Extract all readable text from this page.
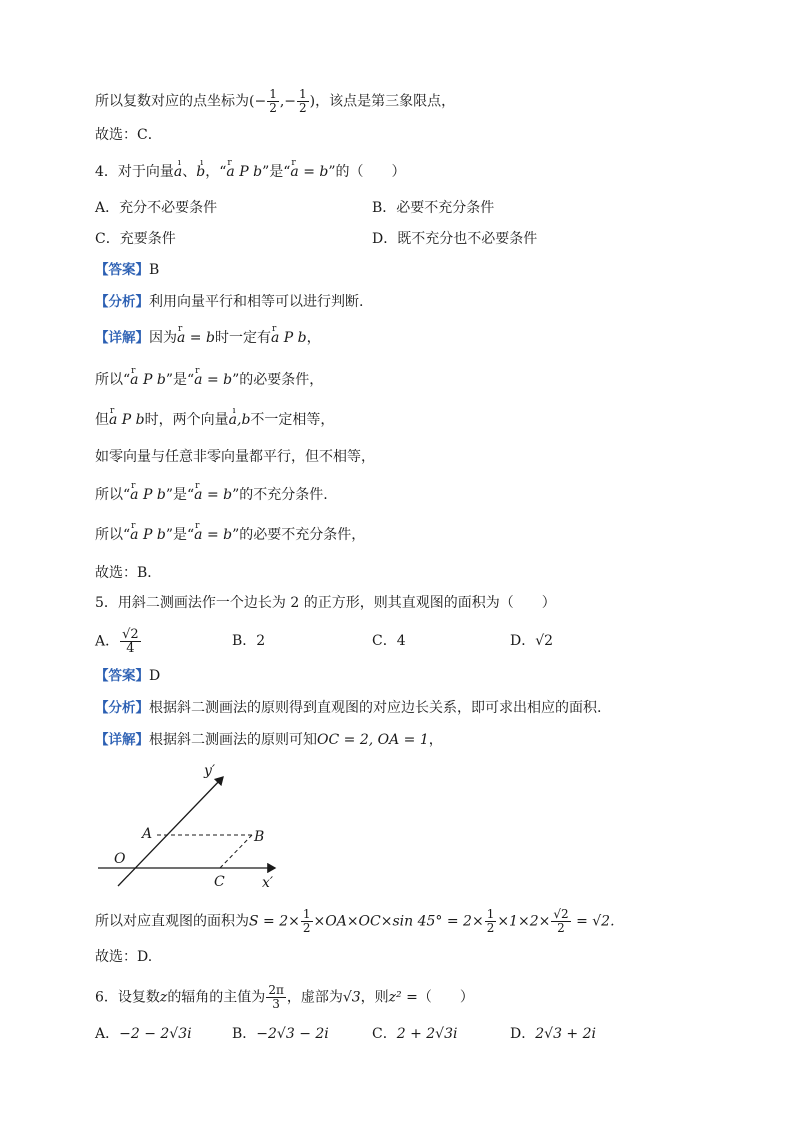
所以复数对应的点坐标为(− $\frac{1}{2}$ ,− $\frac{1}{2}$ )，该点是第三象限点，
故选：C．
4．对于向量ı a、ı b，“r a P b”是“r a = b”的（　　）
A．充分不必要条件	B．必要不充分条件
C．充要条件	D．既不充分也不必要条件
【答案】B
【分析】利用向量平行和相等可以进行判断.
【详解】因为r a = b时一定有r a P b，
所以“r a P b”是“r a = b”的必要条件，
但r a P b时，两个向量ı a,b不一定相等，
如零向量与任意非零向量都平行，但不相等，
所以“r a P b”是“r a = b”的不充分条件.
所以“r a P b”是“r a = b”的必要不充分条件，
故选：B．
5．用斜二测画法作一个边长为 2 的正方形，则其直观图的面积为（　　）
A． $\frac{√2}{4}$	B．2	C．4	D．√2
【答案】D
【分析】根据斜二测画法的原则得到直观图的对应边长关系，即可求出相应的面积.
【详解】根据斜二测画法的原则可知OC = 2, OA = 1，
y′
x′
O
A	B
C
所以对应直观图的面积为$S = 2\times \frac{1}{2} \times OA\times OC\times\sin$ $45^\circ = 2\times \frac{1}{2} \times 1\times 2\times \frac{√2}{2} = √2$.
故选：D.
6．设复数z的辐角的主值为 $\frac{2\pi}{3}$ ，虚部为√3，则z² =（　　）
A．−2 − 2√3i	B．−2√3 − 2i	C．2 + 2√3i	D．2√3 + 2i
